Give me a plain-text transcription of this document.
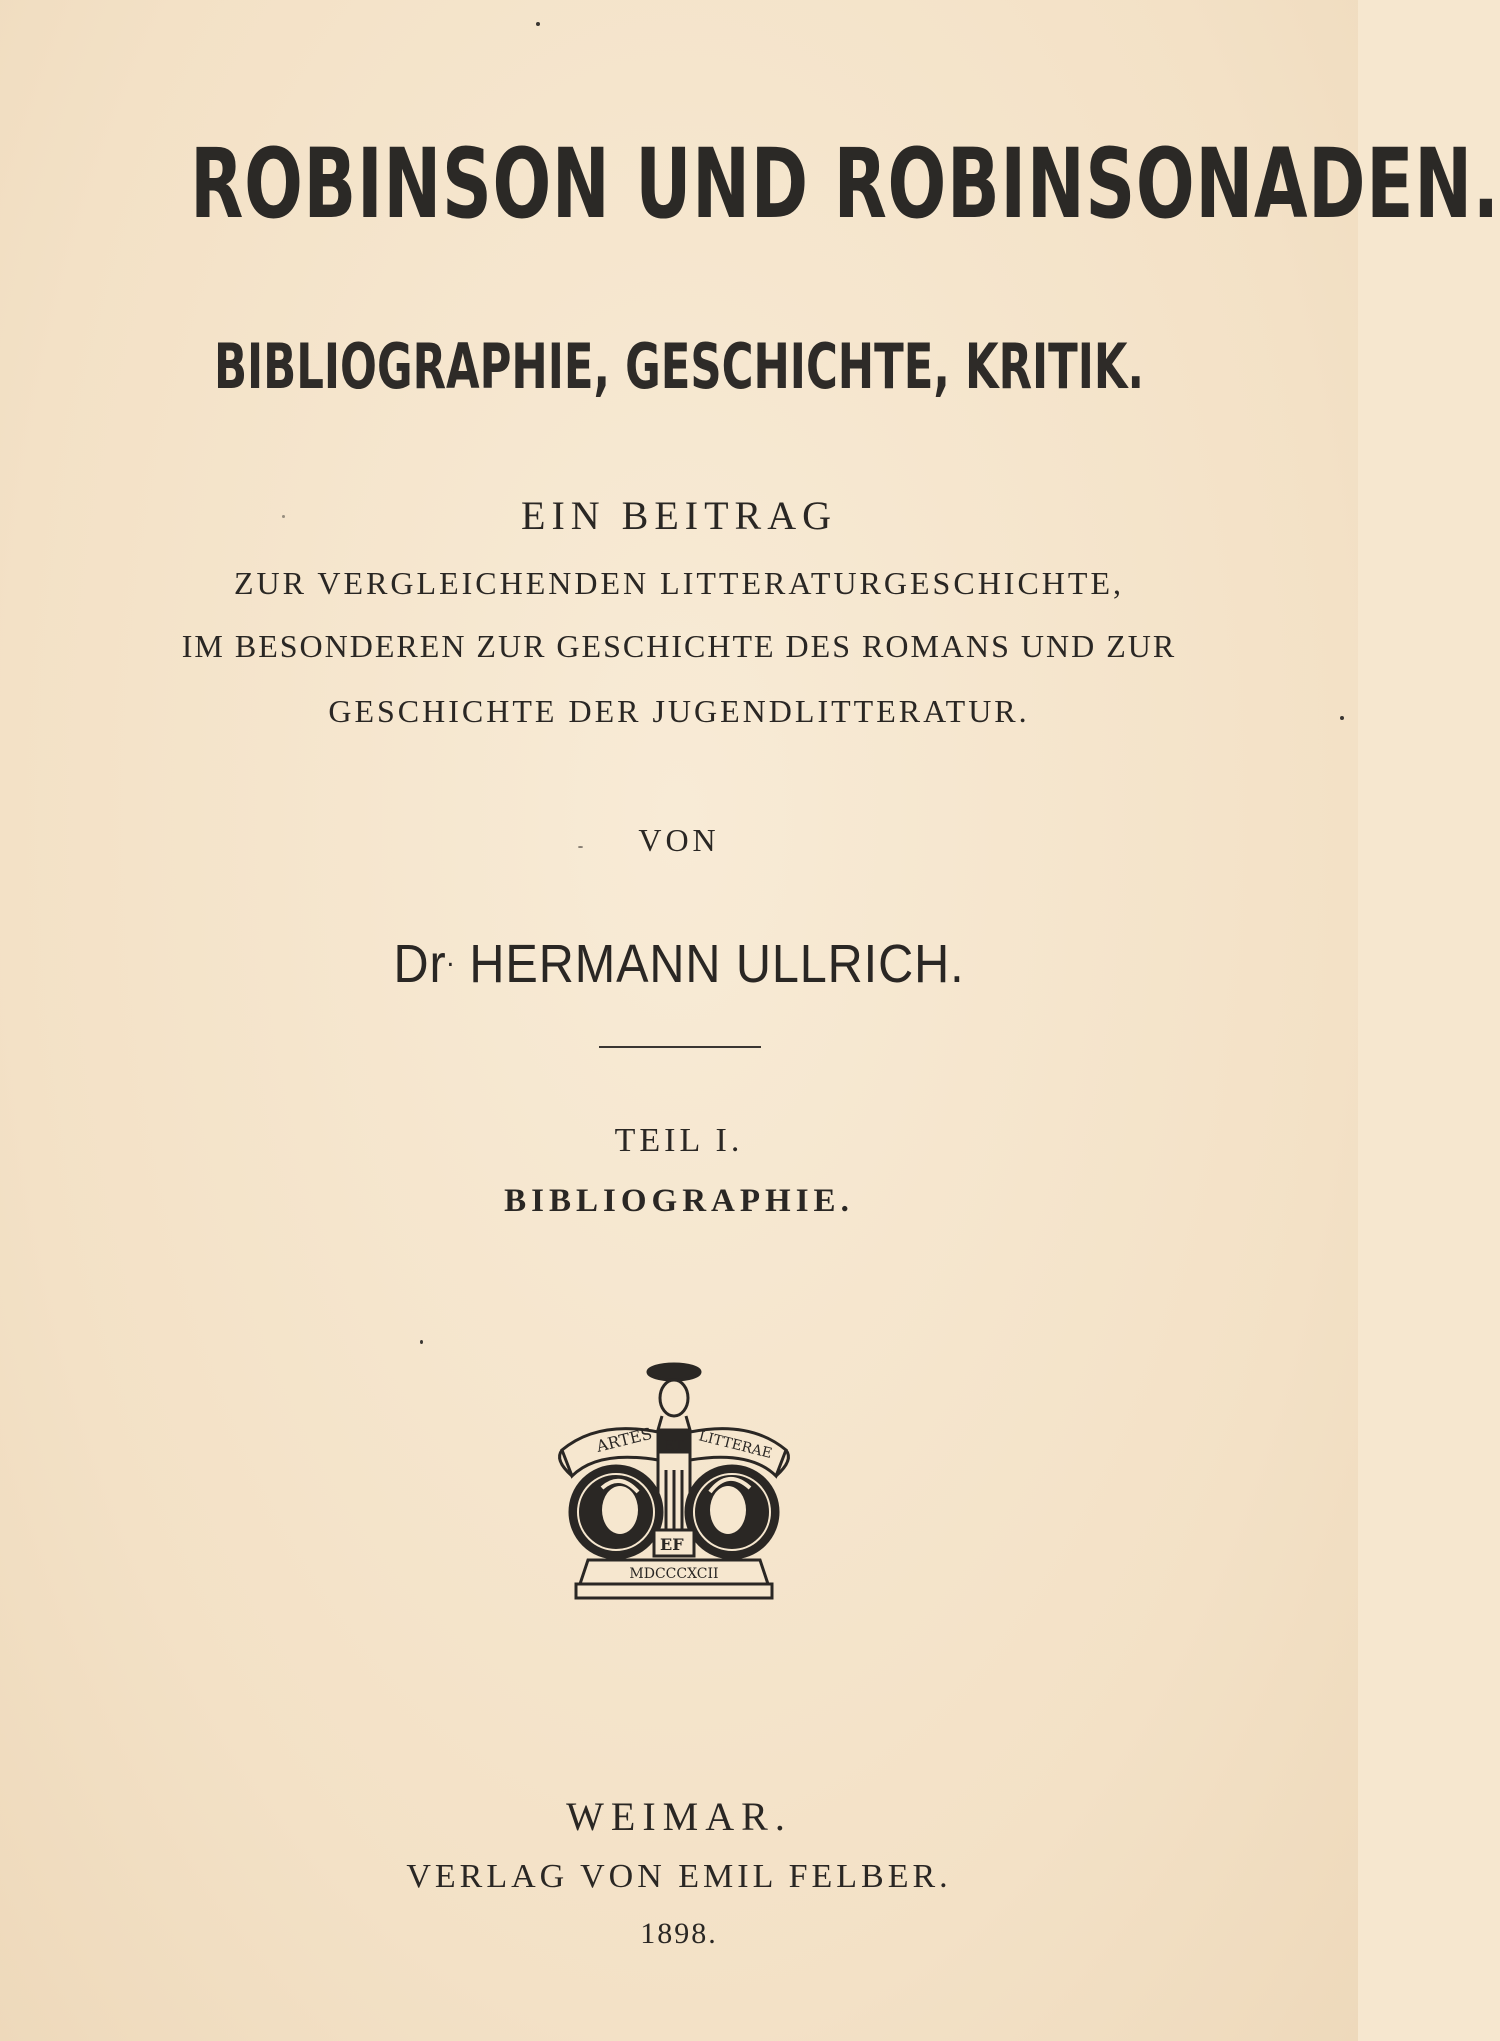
ROBINSON UND ROBINSONADEN.
BIBLIOGRAPHIE, GESCHICHTE, KRITIK.
EIN BEITRAG
ZUR VERGLEICHENDEN LITTERATURGESCHICHTE,
IM BESONDEREN ZUR GESCHICHTE DES ROMANS UND ZUR
GESCHICHTE DER JUGENDLITTERATUR.
VON
Dr. HERMANN ULLRICH.
TEIL I.
BIBLIOGRAPHIE.
ARTES ET LITTERAE
EF
MDCCCXCII
WEIMAR.
VERLAG VON EMIL FELBER.
1898.
